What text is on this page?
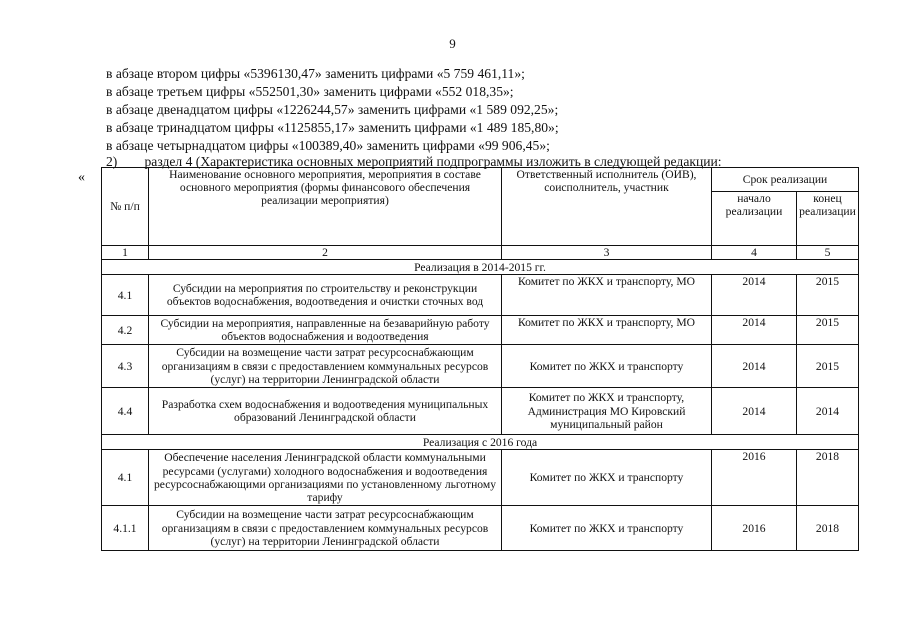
9
в абзаце втором цифры «5396130,47» заменить цифрами «5 759 461,11»;
в абзаце третьем цифры «552501,30» заменить цифрами «552 018,35»;
в абзаце двенадцатом цифры «1226244,57» заменить цифрами «1 589 092,25»;
в абзаце тринадцатом цифры «1125855,17» заменить цифрами «1 489 185,80»;
в абзаце четырнадцатом цифры «100389,40» заменить цифрами «99 906,45»;
2)        раздел 4 (Характеристика основных мероприятий подпрограммы изложить в следующей редакции:
«
№ п/п	Наименование основного мероприятия, мероприятия в составе основного мероприятия (формы финансового обеспечения реализации мероприятия)	Ответственный исполнитель (ОИВ), соисполнитель, участник	Срок реализации	
			начало реализации	конец реализации
1	2	3	4	5
Реализация в 2014-2015 гг.				
4.1	Субсидии на мероприятия по строительству и реконструкции объектов водоснабжения, водоотведения и очистки сточных вод	Комитет по ЖКХ и транспорту, МО	2014	2015
4.2	Субсидии на мероприятия, направленные на безаварийную работу объектов водоснабжения и водоотведения	Комитет по ЖКХ и транспорту, МО	2014	2015
4.3	Субсидии на возмещение части затрат ресурсоснабжающим организациям в связи с предоставлением коммунальных ресурсов (услуг) на территории Ленинградской области	Комитет по ЖКХ и транспорту	2014	2015
4.4	Разработка схем водоснабжения и водоотведения муниципальных образований Ленинградской области	Комитет по ЖКХ и транспорту, Администрация МО Кировский муниципальный район	2014	2014
Реализация с 2016 года				
4.1	Обеспечение населения Ленинградской области коммунальными ресурсами (услугами) холодного водоснабжения и водоотведения ресурсоснабжающими организациями по установленному льготному тарифу	Комитет по ЖКХ и транспорту	2016	2018
4.1.1	Субсидии на возмещение части затрат ресурсоснабжающим организациям в связи с предоставлением коммунальных ресурсов (услуг) на территории Ленинградской области	Комитет по ЖКХ и транспорту	2016	2018
